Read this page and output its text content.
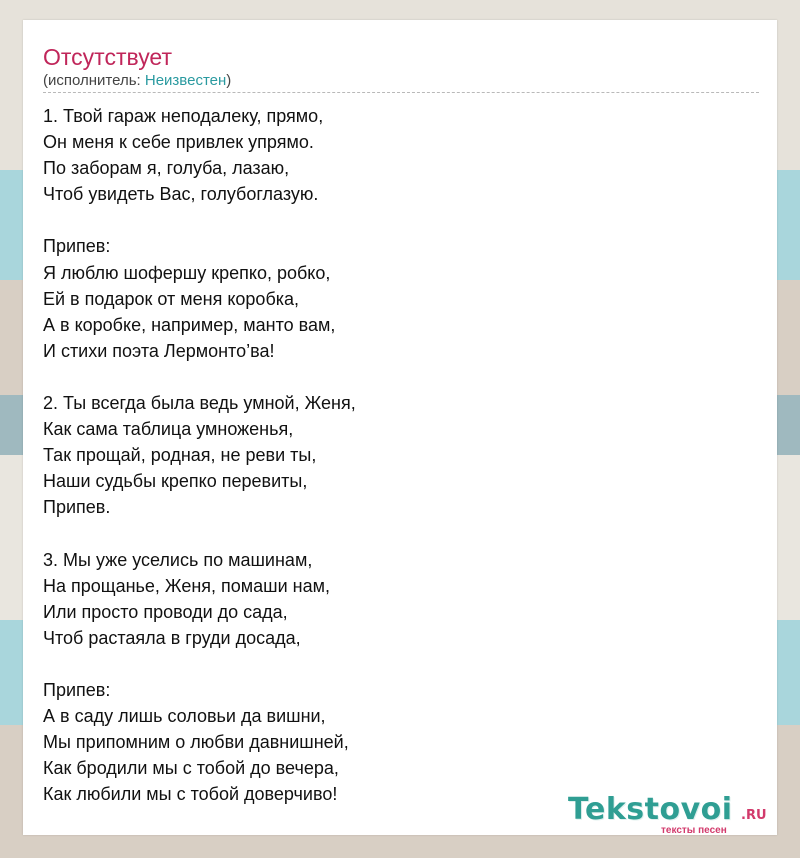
Отсутствует
(исполнитель: Неизвестен)
1. Твой гараж неподалеку, прямо,
Он меня к себе привлек упрямо.
По заборам я, голуба, лазаю,
Чтоб увидеть Вас, голубоглазую.
Припев:
Я люблю шофершу крепко, робко,
Ей в подарок от меня коробка,
А в коробке, например, манто вам,
И стихи поэта Лермонто’ва!
2. Ты всегда была ведь умной, Женя,
Как сама таблица умноженья,
Так прощай, родная, не реви ты,
Наши судьбы крепко перевиты,
Припев.
3. Мы уже уселись по машинам,
На прощанье, Женя, помаши нам,
Или просто проводи до сада,
Чтоб растаяла в груди досада,
Припев:
А в саду лишь соловьи да вишни,
Мы припомним о любви давнишней,
Как бродили мы с тобой до вечера,
Как любили мы с тобой доверчиво!	Tekstovoi .RU
тексты песен
